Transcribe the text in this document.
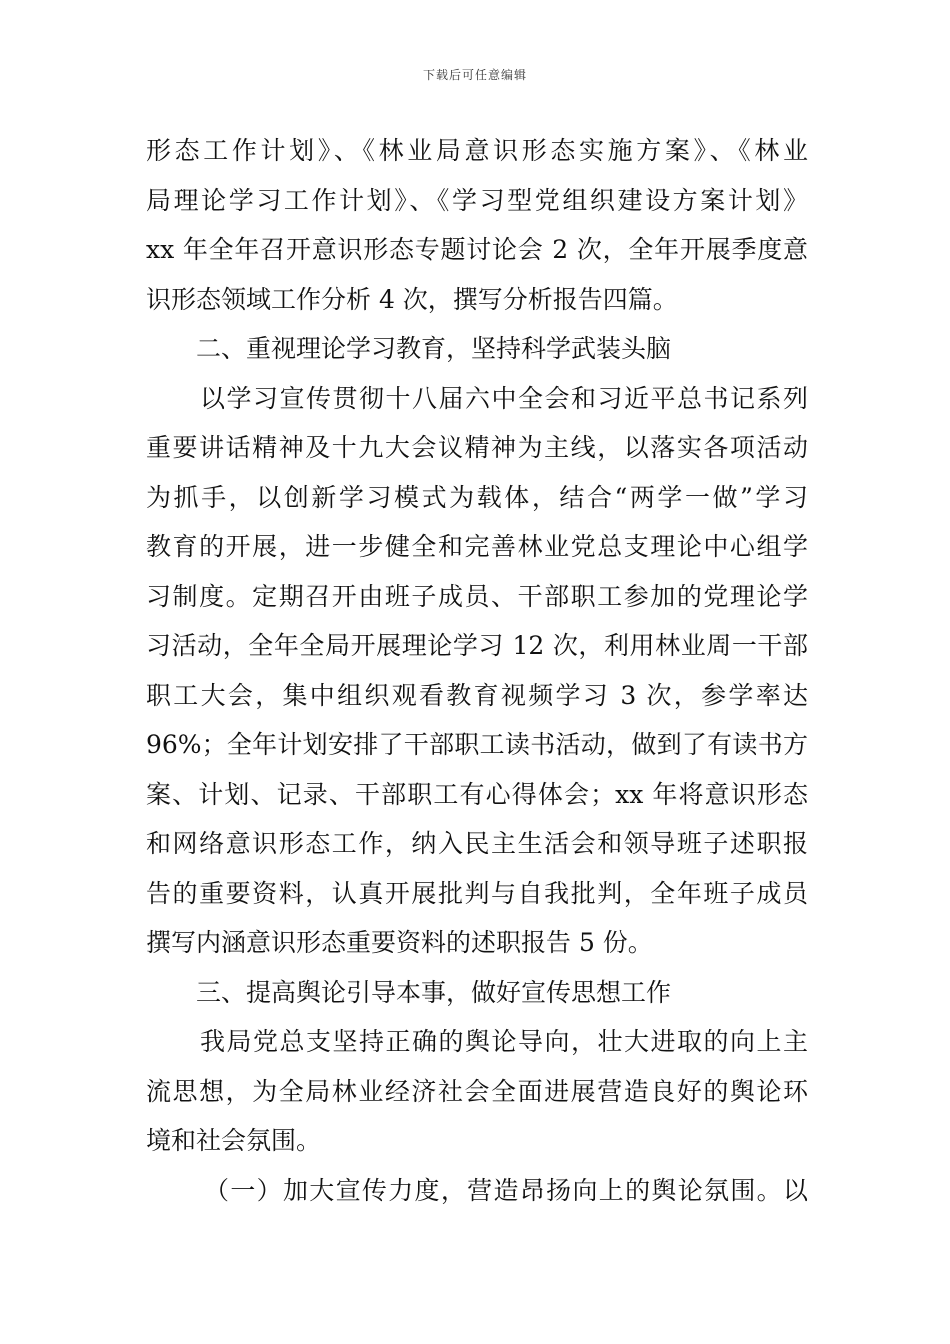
下载后可任意编辑
形态工作计划》、《林业局意识形态实施方案》、《林业
局理论学习工作计划》、《学习型党组织建设方案计划》
xx 年全年召开意识形态专题讨论会 2 次，全年开展季度意
识形态领域工作分析 4 次，撰写分析报告四篇。
二、重视理论学习教育，坚持科学武装头脑
以学习宣传贯彻十八届六中全会和习近平总书记系列
重要讲话精神及十九大会议精神为主线，以落实各项活动
为抓手，以创新学习模式为载体，结合“两学一做”学习
教育的开展，进一步健全和完善林业党总支理论中心组学
习制度。定期召开由班子成员、干部职工参加的党理论学
习活动，全年全局开展理论学习 12 次，利用林业周一干部
职工大会，集中组织观看教育视频学习 3 次，参学率达
96%；全年计划安排了干部职工读书活动，做到了有读书方
案、计划、记录、干部职工有心得体会；xx 年将意识形态
和网络意识形态工作，纳入民主生活会和领导班子述职报
告的重要资料，认真开展批判与自我批判，全年班子成员
撰写内涵意识形态重要资料的述职报告 5 份。
三、提高舆论引导本事，做好宣传思想工作
我局党总支坚持正确的舆论导向，壮大进取的向上主
流思想，为全局林业经济社会全面进展营造良好的舆论环
境和社会氛围。
（一）加大宣传力度，营造昂扬向上的舆论氛围。以
